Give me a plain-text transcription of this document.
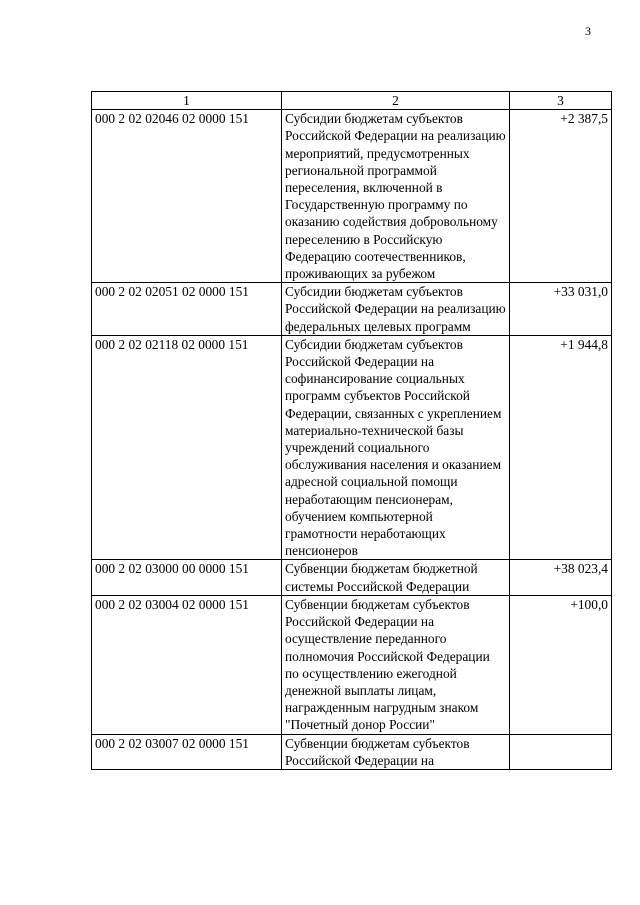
3
1	2	3
000 2 02 02046 02 0000 151	Субсидии бюджетам субъектов Российской Федерации на реализацию мероприятий, предусмотренных региональной программой переселения, включенной в Государственную программу по оказанию содействия добровольному переселению в Российскую Федерацию соотечественников, проживающих за рубежом	+2 387,5
000 2 02 02051 02 0000 151	Субсидии бюджетам субъектов Российской Федерации на реализацию федеральных целевых программ	+33 031,0
000 2 02 02118 02 0000 151	Субсидии бюджетам субъектов Российской Федерации на софинансирование социальных программ субъектов Российской Федерации, связанных с укреплением материально-технической базы учреждений социального обслуживания населения и оказанием адресной социальной помощи неработающим пенсионерам, обучением компьютерной грамотности неработающих пенсионеров	+1 944,8
000 2 02 03000 00 0000 151	Субвенции бюджетам бюджетной системы Российской Федерации	+38 023,4
000 2 02 03004 02 0000 151	Субвенции бюджетам субъектов Российской Федерации на осуществление переданного полномочия Российской Федерации по осуществлению ежегодной денежной выплаты лицам, награжденным нагрудным знаком "Почетный донор России"	+100,0
000 2 02 03007 02 0000 151	Субвенции бюджетам субъектов Российской Федерации на	
